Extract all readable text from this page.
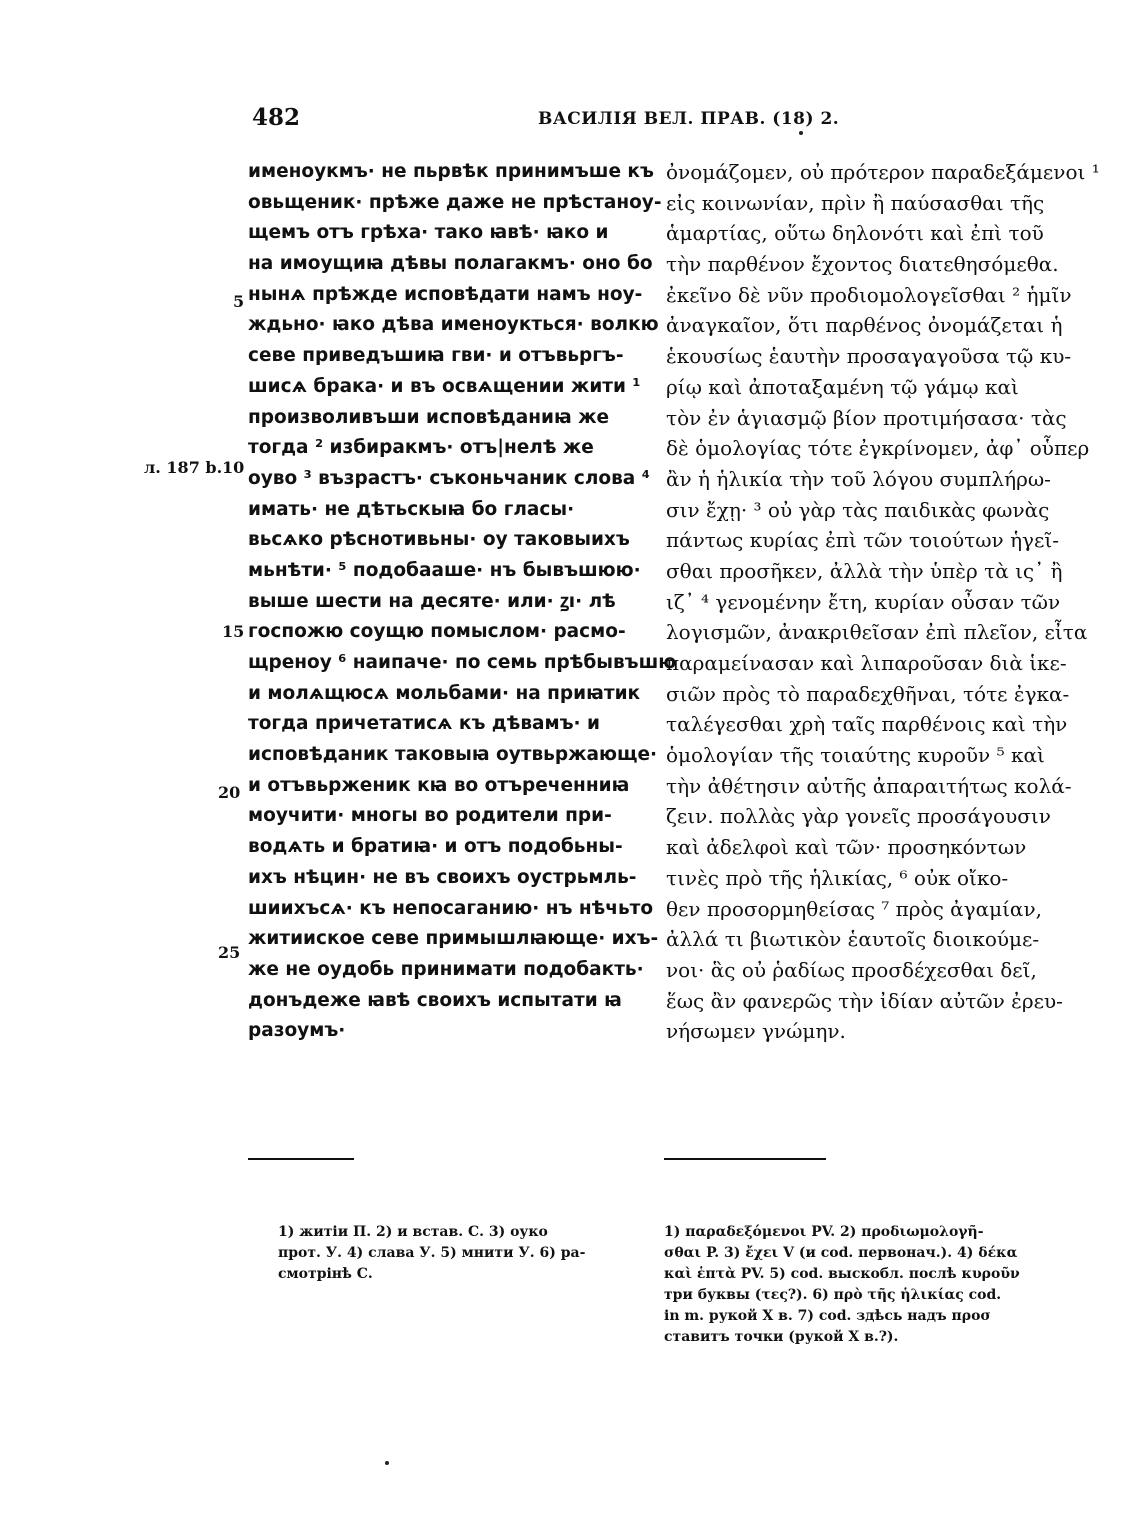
482	ВАСИЛІЯ ВЕЛ. ПРАВ. (18) 2.
л. 187 b.
5
10
15
20
25
именоукмъ· не пьрвѣк принимъше къ
овьщеник· прѣже даже не прѣстаноу-
щемъ отъ грѣха· тако ꙗвѣ· ꙗко и
на имоущиꙗ дѣвы полагакмъ· оно бо
нынѧ прѣжде исповѣдати намъ ноу-
ждьно· ꙗко дѣва именоукться· волкю
севе приведъшиꙗ гви· и отъвьргъ-
шисѧ брака· и въ освѧщении жити ¹
произволивъши исповѣданиꙗ же
тогда ² избиракмъ· отъ|нелѣ же
оуво ³ възрастъ· съконьчаник слова ⁴
имать· не дѣтьскыꙗ бо гласы·
вьсѧко рѣснотивьны· оу таковыихъ
мьнѣти· ⁵ подобааше· нъ бывъшюю·
выше шести на десяте· или· ꙁı· лѣ
госпожю соущю помыслом· расмо-
щреноу ⁶ наипаче· по семь прѣбывъшю
и молѧщюсѧ мольбами· на приꙗтик
тогда причетатисѧ къ дѣвамъ· и
исповѣданик таковыꙗ оутвьржающе·
и отъвьрженик кꙗ во отъреченниꙗ
моучити· многы во родители при-
водѧть и братиꙗ· и отъ подобьны-
ихъ нѣцин· не въ своихъ оустрьмль-
шиихъсѧ· къ непосаганию· нъ нѣчьто
житииское севе примышлꙗюще· ихъ-
же не оудобь принимати подобакть·
донъдеже ꙗвѣ своихъ испытати ꙗ
разоумъ·
ὀνομάζομεν, οὐ πρότερον παραδεξάμενοι ¹
εἰς κοινωνίαν, πρὶν ἢ παύσασθαι τῆς
ἁμαρτίας, οὕτω δηλονότι καὶ ἐπὶ τοῦ
τὴν παρθένον ἔχοντος διατεθησόμεθα.
ἐκεῖνο δὲ νῦν προδιομολογεῖσθαι ² ἡμῖν
ἀναγκαῖον, ὅτι παρθένος ὀνομάζεται ἡ
ἑκουσίως ἑαυτὴν προσαγαγοῦσα τῷ κυ-
ρίῳ καὶ ἀποταξαμένη τῷ γάμῳ καὶ
τὸν ἐν ἁγιασμῷ βίον προτιμήσασα· τὰς
δὲ ὁμολογίας τότε ἐγκρίνομεν, ἀφ᾽ οὗπερ
ἂν ἡ ἡλικία τὴν τοῦ λόγου συμπλήρω-
σιν ἔχῃ· ³ οὐ γὰρ τὰς παιδικὰς φωνὰς
πάντως κυρίας ἐπὶ τῶν τοιούτων ἡγεῖ-
σθαι προσῆκεν, ἀλλὰ τὴν ὑπὲρ τὰ ις᾽ ἢ
ιζ᾽ ⁴ γενομένην ἔτη, κυρίαν οὖσαν τῶν
λογισμῶν, ἀνακριθεῖσαν ἐπὶ πλεῖον, εἶτα
παραμείνασαν καὶ λιπαροῦσαν διὰ ἱκε-
σιῶν πρὸς τὸ παραδεχθῆναι, τότε ἐγκα-
ταλέγεσθαι χρὴ ταῖς παρθένοις καὶ τὴν
ὁμολογίαν τῆς τοιαύτης κυροῦν ⁵ καὶ
τὴν ἀθέτησιν αὐτῆς ἀπαραιτήτως κολά-
ζειν. πολλὰς γὰρ γονεῖς προσάγουσιν
καὶ ἀδελφοὶ καὶ τῶν· προσηκόντων
τινὲς πρὸ τῆς ἡλικίας, ⁶ οὐκ οἴκο-
θεν προσορμηθείσας ⁷ πρὸς ἀγαμίαν,
ἀλλά τι βιωτικὸν ἑαυτοῖς διοικούμε-
νοι· ἃς οὐ ῥαδίως προσδέχεσθαι δεῖ,
ἕως ἂν φανερῶς τὴν ἰδίαν αὐτῶν ἐρευ-
νήσωμεν γνώμην.
1) житіи П. 2) и встав. С. 3) оуко
прот. У. 4) слава У. 5) мнити У. 6) ра-
смотрінѣ С.
1) παραδεξόμενοι PV. 2) προδιωμολογῆ-
σθαι P. 3) ἔχει V (и cod. первонач.). 4) δέκα
καὶ ἑπτὰ PV. 5) cod. выскобл. послѣ κυροῦν
три буквы (τες?). 6) πρὸ τῆς ἡλικίας cod.
in m. рукой X в. 7) cod. здѣсь надъ προσ
ставитъ точки (рукой X в.?).
